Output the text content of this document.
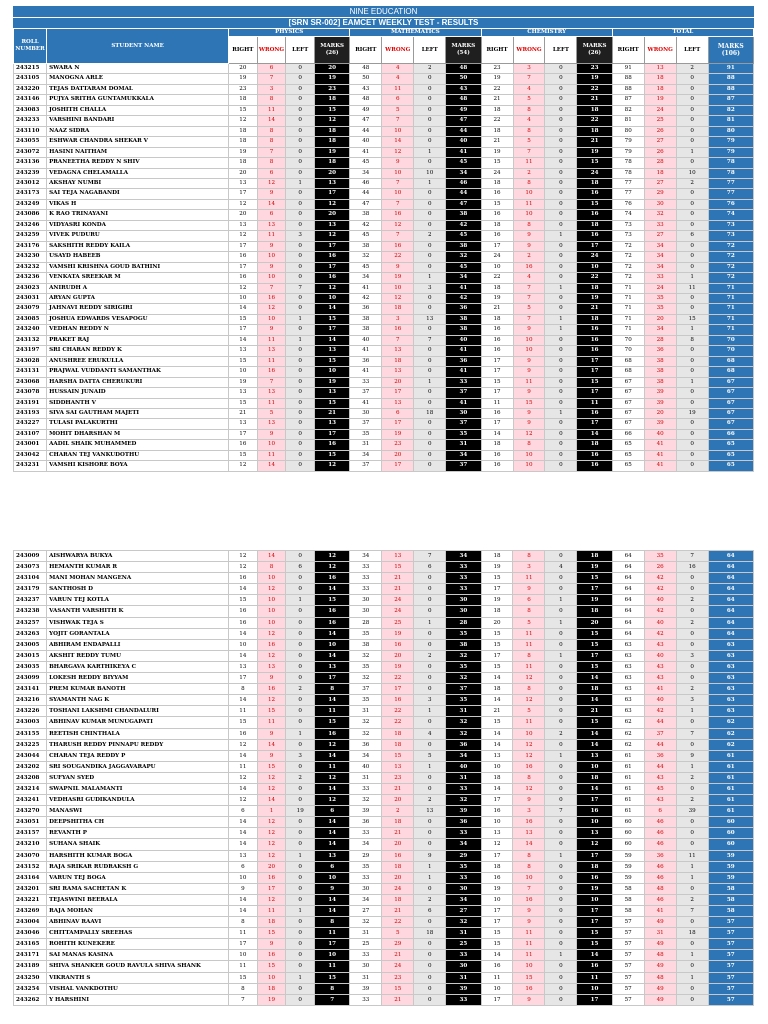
NINE EDUCATION
[SRN SR-002] EAMCET WEEKLY TEST - RESULTS
ROLL NUMBER	STUDENT NAME	PHYSICS				MATHEMATICS				CHEMISTRY				TOTAL			
		RIGHT	WRONG	LEFT	MARKS (26)	RIGHT	WRONG	LEFT	MARKS (54)	RIGHT	WRONG	LEFT	MARKS (26)	RIGHT	WRONG	LEFT	MARKS (106)
243215	SWARA N	20	6	0	20	48	4	2	48	23	3	0	23	91	13	2	91
243105	MANOGNA ARLE	19	7	0	19	50	4	0	50	19	7	0	19	88	18	0	88
243220	TEJAS DATTARAM DOMAL	23	3	0	23	43	11	0	43	22	4	0	22	88	18	0	88
243146	PUJYA SRITHA GUNTAMUKKALA	18	8	0	18	48	6	0	48	21	5	0	21	87	19	0	87
243083	JOSHITH CHALLA	15	11	0	15	49	5	0	49	18	8	0	18	82	24	0	82
243233	VARSHINI BANDARI	12	14	0	12	47	7	0	47	22	4	0	22	81	25	0	81
243110	NAAZ SIDRA	18	8	0	18	44	10	0	44	18	8	0	18	80	26	0	80
243055	ESHWAR CHANDRA SHEKAR V	18	8	0	18	40	14	0	40	21	5	0	21	79	27	0	79
243072	HASINI NAITHAM	19	7	0	19	41	12	1	41	19	7	0	19	79	26	1	79
243136	PRANEETHA REDDY N SHIV	18	8	0	18	45	9	0	45	15	11	0	15	78	28	0	78
243239	VEDAGNA CHELAMALLA	20	6	0	20	34	10	10	34	24	2	0	24	78	18	10	78
243012	AKSHAY NUMBI	13	12	1	13	46	7	1	46	18	8	0	18	77	27	2	77
243173	SAI TEJA NAGABANDI	17	9	0	17	44	10	0	44	16	10	0	16	77	29	0	77
243249	VIKAS H	12	14	0	12	47	7	0	47	15	11	0	15	76	30	0	76
243086	K RAO TRINAYANI	20	6	0	20	38	16	0	38	16	10	0	16	74	32	0	74
243246	VIDYASRI KONDA	13	13	0	13	42	12	0	42	18	8	0	18	73	33	0	73
243259	VIVEK PUDURU	12	11	3	12	45	7	2	45	16	9	1	16	73	27	6	73
243176	SAKSHITH REDDY KAILA	17	9	0	17	38	16	0	38	17	9	0	17	72	34	0	72
243230	USAYD HABEEB	16	10	0	16	32	22	0	32	24	2	0	24	72	34	0	72
243232	VAMSHI KRISHNA GOUD BATHINI	17	9	0	17	45	9	0	45	10	16	0	10	72	34	0	72
243236	VENKATA SREEKAR M	16	10	0	16	34	19	1	34	22	4	0	22	72	33	1	72
243023	ANIRUDH A	12	7	7	12	41	10	3	41	18	7	1	18	71	24	11	71
243031	ARYAN GUPTA	10	16	0	10	42	12	0	42	19	7	0	19	71	35	0	71
243079	JAHNAVI REDDY SIRIGIRI	14	12	0	14	36	18	0	36	21	5	0	21	71	35	0	71
243085	JOSHUA EDWARDS VESAPOGU	15	10	1	15	38	3	13	38	18	7	1	18	71	20	15	71
243240	VEDHAN REDDY N	17	9	0	17	38	16	0	38	16	9	1	16	71	34	1	71
243132	PRAKET RAJ	14	11	1	14	40	7	7	40	16	10	0	16	70	28	8	70
243197	SRI CHARAN REDDY K	13	13	0	13	41	13	0	41	16	10	0	16	70	36	0	70
243028	ANUSHREE ERUKULLA	15	11	0	15	36	18	0	36	17	9	0	17	68	38	0	68
243131	PRAJWAL VUDDANTI SAMANTHAK	10	16	0	10	41	13	0	41	17	9	0	17	68	38	0	68
243068	HARSHA DATTA CHERUKURI	19	7	0	19	33	20	1	33	15	11	0	15	67	38	1	67
243078	HUSSAIN JUNAID	13	13	0	13	37	17	0	37	17	9	0	17	67	39	0	67
243191	SIDDHANTH V	15	11	0	15	41	13	0	41	11	15	0	11	67	39	0	67
243193	SIVA SAI GAUTHAM MAJETI	21	5	0	21	30	6	18	30	16	9	1	16	67	20	19	67
243227	TULASI PALAKURTHI	13	13	0	13	37	17	0	37	17	9	0	17	67	39	0	67
243107	MOHIT DHARSHAN M	17	9	0	17	35	19	0	35	14	12	0	14	66	40	0	66
243001	AADIL SHAIK MUHAMMED	16	10	0	16	31	23	0	31	18	8	0	18	65	41	0	65
243042	CHARAN TEJ VANKUDOTHU	15	11	0	15	34	20	0	34	16	10	0	16	65	41	0	65
243231	VAMSHI KISHORE BOYA	12	14	0	12	37	17	0	37	16	10	0	16	65	41	0	65
243009	AISHWARYA BUKYA	12	14	0	12	34	13	7	34	18	8	0	18	64	35	7	64
243073	HEMANTH KUMAR R	12	8	6	12	33	15	6	33	19	3	4	19	64	26	16	64
243104	MANI MOHAN MANGENA	16	10	0	16	33	21	0	33	15	11	0	15	64	42	0	64
243179	SANTHOSH D	14	12	0	14	33	21	0	33	17	9	0	17	64	42	0	64
243237	VARUN TEJ KOTLA	15	10	1	15	30	24	0	30	19	6	1	19	64	40	2	64
243238	VASANTH VARSHITH K	16	10	0	16	30	24	0	30	18	8	0	18	64	42	0	64
243257	VISHWAK TEJA S	16	10	0	16	28	25	1	28	20	5	1	20	64	40	2	64
243263	YOJIT GORANTALA	14	12	0	14	35	19	0	35	15	11	0	15	64	42	0	64
243005	ABHIRAM ENDAPALLI	10	16	0	10	38	16	0	38	15	11	0	15	63	43	0	63
243015	AKSHIT REDDY TUMU	14	12	0	14	32	20	2	32	17	8	1	17	63	40	3	63
243035	BHARGAVA KARTHIKEYA C	13	13	0	13	35	19	0	35	15	11	0	15	63	43	0	63
243099	LOKESH REDDY BIYYAM	17	9	0	17	32	22	0	32	14	12	0	14	63	43	0	63
243141	PREM KUMAR BANOTH	8	16	2	8	37	17	0	37	18	8	0	18	63	41	2	63
243216	SYAMANTH NAG K	14	12	0	14	35	16	3	35	14	12	0	14	63	40	3	63
243226	TOSHANI LAKSHMI CHANDALURI	11	15	0	11	31	22	1	31	21	5	0	21	63	42	1	63
243003	ABHINAV KUMAR MUNUGAPATI	15	11	0	15	32	22	0	32	15	11	0	15	62	44	0	62
243155	REETISH CHINTHALA	16	9	1	16	32	18	4	32	14	10	2	14	62	37	7	62
243225	THARUSH REDDY PINNAPU REDDY	12	14	0	12	36	18	0	36	14	12	0	14	62	44	0	62
243044	CHARAN TEJA REDDY P	14	9	3	14	34	15	5	34	13	12	1	13	61	36	9	61
243202	SRI SOUGANDIKA JAGGAVARAPU	11	15	0	11	40	13	1	40	10	16	0	10	61	44	1	61
243208	SUFYAN SYED	12	12	2	12	31	23	0	31	18	8	0	18	61	43	2	61
243214	SWAPNIL MALAMANTI	14	12	0	14	33	21	0	33	14	12	0	14	61	45	0	61
243241	VEDHASRI GUDIKANDULA	12	14	0	12	32	20	2	32	17	9	0	17	61	43	2	61
243270	MANASWI	6	1	19	6	39	2	13	39	16	3	7	16	61	6	39	61
243051	DEEPSHITHA CH	14	12	0	14	36	18	0	36	10	16	0	10	60	46	0	60
243157	REVANTH P	14	12	0	14	33	21	0	33	13	13	0	13	60	46	0	60
243210	SUHANA SHAIK	14	12	0	14	34	20	0	34	12	14	0	12	60	46	0	60
243070	HARSHITH KUMAR BOGA	13	12	1	13	29	16	9	29	17	8	1	17	59	36	11	59
243152	RAJA SRIKAR RUDRAKSH G	6	20	0	6	35	18	1	35	18	8	0	18	59	46	1	59
243164	VARUN TEJ BOGA	10	16	0	10	33	20	1	33	16	10	0	16	59	46	1	59
243201	SRI RAMA SACHETAN K	9	17	0	9	30	24	0	30	19	7	0	19	58	48	0	58
243221	TEJASWINI BEERALA	14	12	0	14	34	18	2	34	10	16	0	10	58	46	2	58
243269	RAJA MOHAN	14	11	1	14	27	21	6	27	17	9	0	17	58	41	7	58
243004	ABHINAV RAAVI	8	18	0	8	32	22	0	32	17	9	0	17	57	49	0	57
243046	CHITTAMPALLY SREEHAS	11	15	0	11	31	5	18	31	15	11	0	15	57	31	18	57
243165	ROHITH KUNEKERE	17	9	0	17	25	29	0	25	15	11	0	15	57	49	0	57
243171	SAI MANAS KASINA	10	16	0	10	33	21	0	33	14	11	1	14	57	48	1	57
243189	SHIVA SHANKER GOUD RAVULA SHIVA SHANK	11	15	0	11	30	24	0	30	16	10	0	16	57	49	0	57
243250	VIKRANTH S	15	10	1	15	31	23	0	31	11	15	0	11	57	48	1	57
243254	VISHAL VANKDOTHU	8	18	0	8	39	15	0	39	10	16	0	10	57	49	0	57
243262	Y HARSHINI	7	19	0	7	33	21	0	33	17	9	0	17	57	49	0	57
